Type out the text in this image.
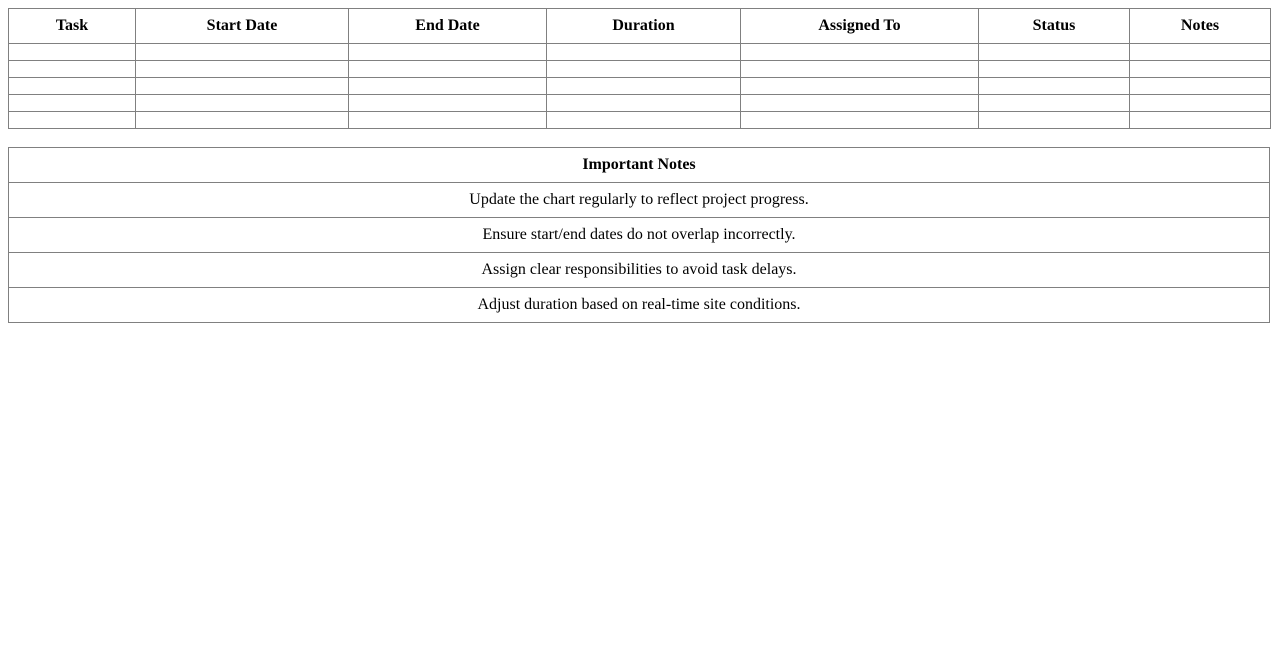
Task	Start Date	End Date	Duration	Assigned To	Status	Notes

Important Notes
Update the chart regularly to reflect project progress.
Ensure start/end dates do not overlap incorrectly.
Assign clear responsibilities to avoid task delays.
Adjust duration based on real-time site conditions.
